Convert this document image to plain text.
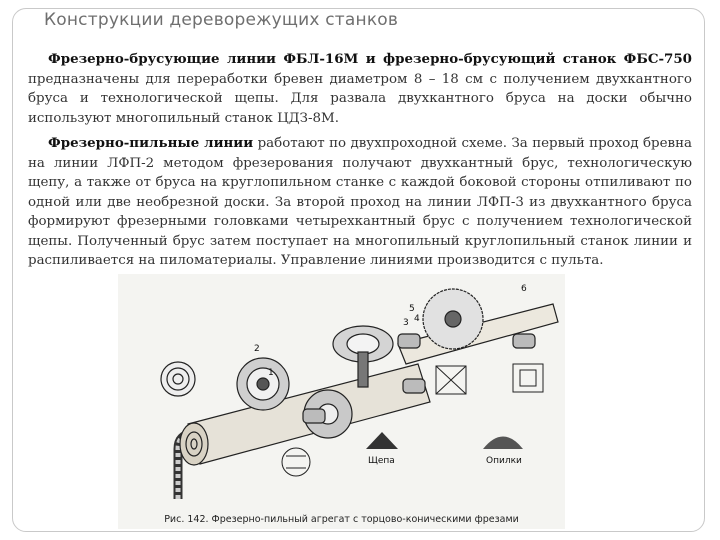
Конструкции дереворежущих станков

Фрезерно-брусующие линии ФБЛ-16М и фрезерно-брусующий станок ФБС-750 предназначены для переработки бревен диаметром 8 – 18 см с получением двухкантного бруса и технологической щепы. Для развала двухкантного бруса на доски обычно используют многопильный станок ЦДЗ-8М.

Фрезерно-пильные линии работают по двухпроходной схеме. За первый проход бревна на линии ЛФП-2 методом фрезерования получают двухкантный брус, технологическую щепу, а также от бруса на круглопильном станке с каждой боковой стороны отпиливают по одной или две необрезной доски. За второй проход на линии ЛФП-3 из двухкантного бруса формируют фрезерными головками четырехкантный брус с получением технологической щепы. Полученный брус затем поступает на многопильный круглопильный станок линии и распиливается на пиломатериалы. Управление линиями производится с пульта.

2
1
3 4
5
6
Щепа	Опилки
Рис. 142. Фрезерно-пильный агрегат с торцово-коническими фрезами
